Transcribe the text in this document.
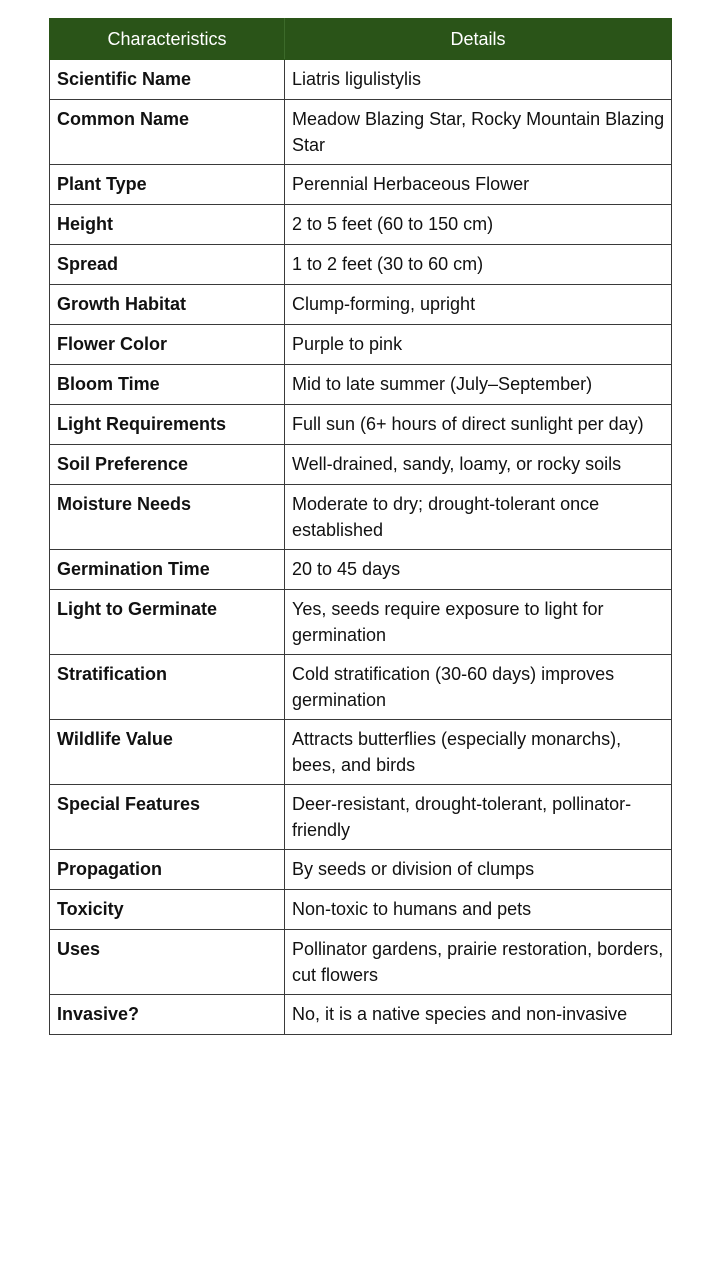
Characteristics	Details
Scientific Name	Liatris ligulistylis
Common Name	Meadow Blazing Star, Rocky Mountain Blazing Star
Plant Type	Perennial Herbaceous Flower
Height	2 to 5 feet (60 to 150 cm)
Spread	1 to 2 feet (30 to 60 cm)
Growth Habitat	Clump-forming, upright
Flower Color	Purple to pink
Bloom Time	Mid to late summer (July–September)
Light Requirements	Full sun (6+ hours of direct sunlight per day)
Soil Preference	Well-drained, sandy, loamy, or rocky soils
Moisture Needs	Moderate to dry; drought-tolerant once established
Germination Time	20 to 45 days
Light to Germinate	Yes, seeds require exposure to light for germination
Stratification	Cold stratification (30-60 days) improves germination
Wildlife Value	Attracts butterflies (especially monarchs), bees, and birds
Special Features	Deer-resistant, drought-tolerant, pollinator-friendly
Propagation	By seeds or division of clumps
Toxicity	Non-toxic to humans and pets
Uses	Pollinator gardens, prairie restoration, borders, cut flowers
Invasive?	No, it is a native species and non-invasive
